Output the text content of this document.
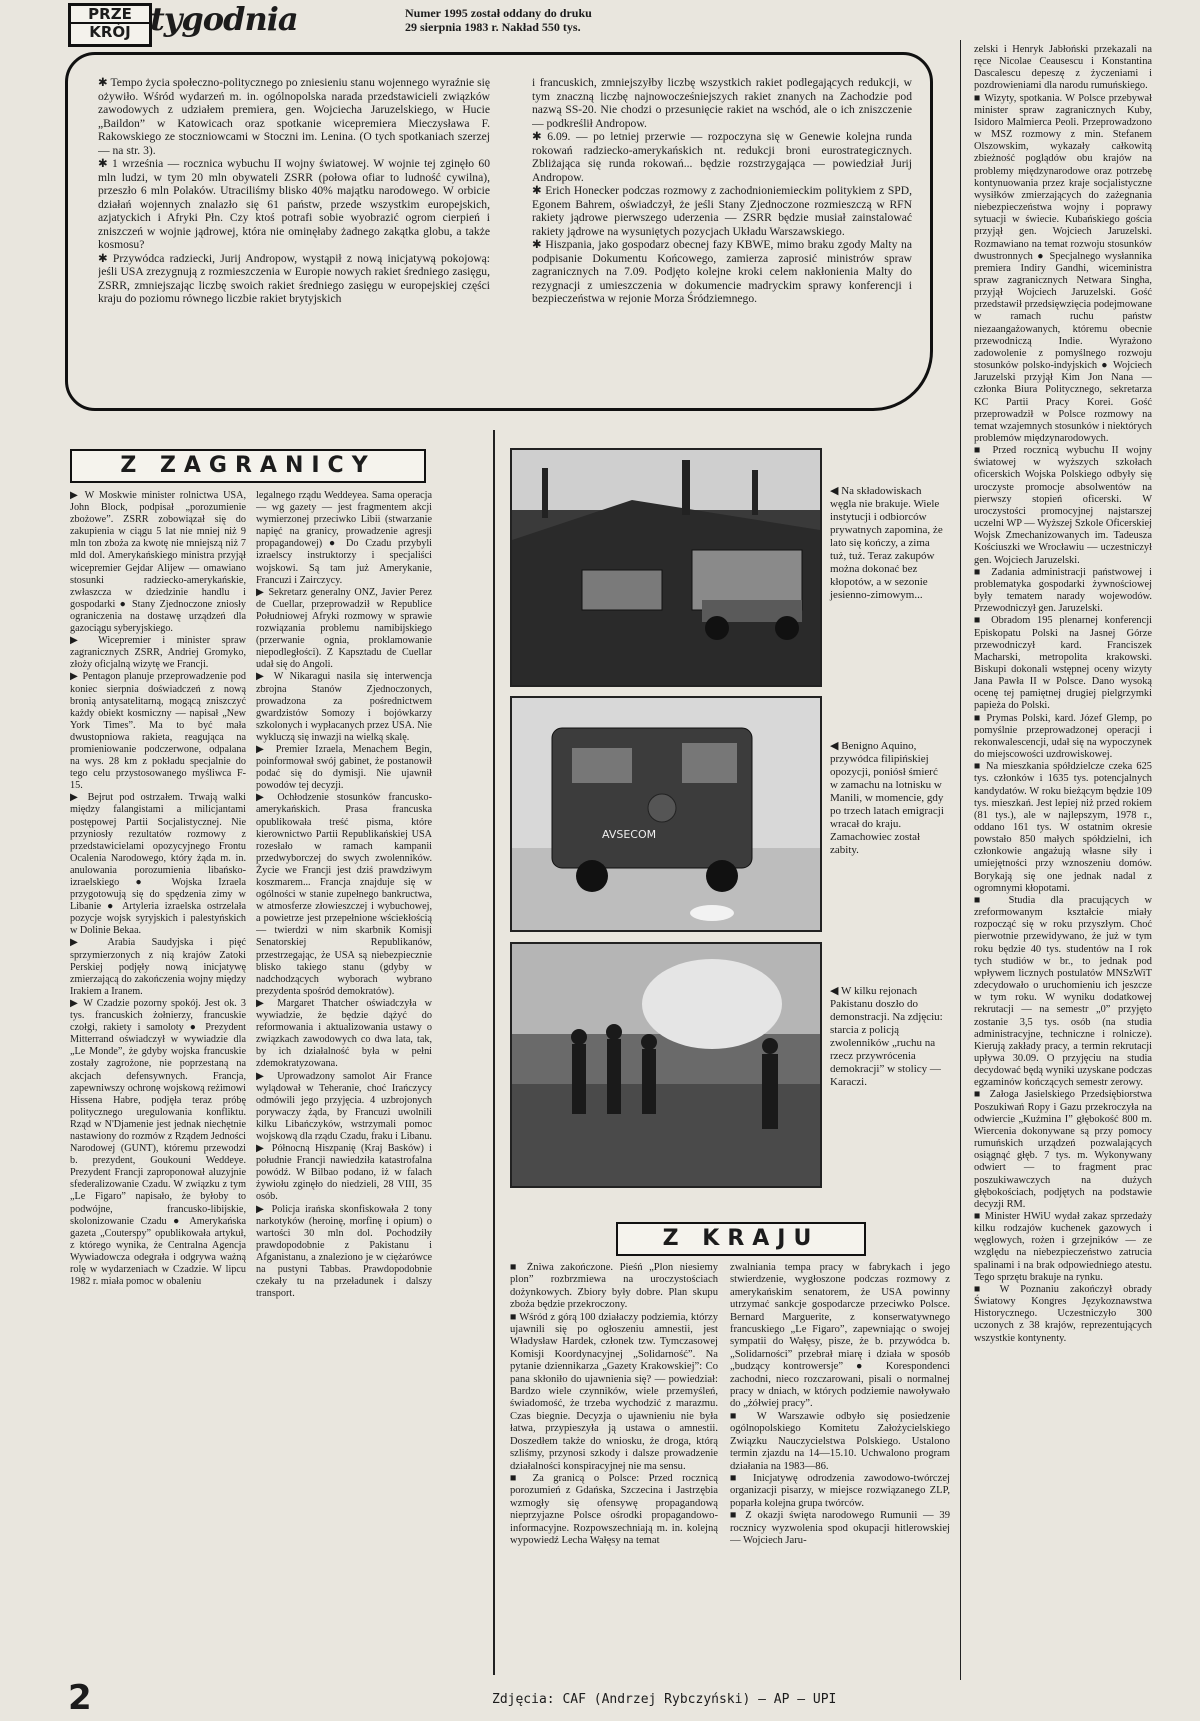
PRZE
KRÓJ tygodnia	Numer 1995 został oddany do druku
29 sierpnia 1983 r. Nakład 550 tys.
✱ Tempo życia społeczno-politycznego po zniesieniu stanu wojennego wyraźnie się ożywiło. Wśród wydarzeń m. in. ogólnopolska narada przedstawicieli związków zawodowych z udziałem premiera, gen. Wojciecha Jaruzelskiego, w Hucie „Baildon” w Katowicach oraz spotkanie wicepremiera Mieczysława F. Rakowskiego ze stoczniowcami w Stoczni im. Lenina. (O tych spotkaniach szerzej — na str. 3).
✱ 1 września — rocznica wybuchu II wojny światowej. W wojnie tej zginęło 60 mln ludzi, w tym 20 mln obywateli ZSRR (połowa ofiar to ludność cywilna), przeszło 6 mln Polaków. Utraciliśmy blisko 40% majątku narodowego. W orbicie działań wojennych znalazło się 61 państw, przede wszystkim europejskich, azjatyckich i Afryki Płn. Czy ktoś potrafi sobie wyobrazić ogrom cierpień i zniszczeń w wojnie jądrowej, która nie ominęłaby żadnego zakątka globu, a także kosmosu?
✱ Przywódca radziecki, Jurij Andropow, wystąpił z nową inicjatywą pokojową: jeśli USA zrezygnują z rozmieszczenia w Europie nowych rakiet średniego zasięgu, ZSRR, zmniejszając liczbę swoich rakiet średniego zasięgu w europejskiej części kraju do poziomu równego liczbie rakiet brytyjskich
i francuskich, zmniejszyłby liczbę wszystkich rakiet podlegających redukcji, w tym znaczną liczbę najnowocześniejszych rakiet znanych na Zachodzie pod nazwą SS-20. Nie chodzi o przesunięcie rakiet na wschód, ale o ich zniszczenie — podkreślił Andropow.
✱ 6.09. — po letniej przerwie — rozpoczyna się w Genewie kolejna runda rokowań radziecko-amerykańskich nt. redukcji broni eurostrategicznych. Zbliżająca się runda rokowań... będzie rozstrzygająca — powiedział Jurij Andropow.
✱ Erich Honecker podczas rozmowy z zachodnioniemieckim politykiem z SPD, Egonem Bahrem, oświadczył, że jeśli Stany Zjednoczone rozmieszczą w RFN rakiety jądrowe pierwszego uderzenia — ZSRR będzie musiał zainstalować rakiety jądrowe na wysuniętych pozycjach Układu Warszawskiego.
✱ Hiszpania, jako gospodarz obecnej fazy KBWE, mimo braku zgody Malty na podpisanie Dokumentu Końcowego, zamierza zaprosić ministrów spraw zagranicznych na 7.09. Podjęto kolejne kroki celem nakłonienia Malty do rezygnacji z umieszczenia w dokumencie madryckim sprawy konferencji i bezpieczeństwa w rejonie Morza Śródziemnego.
Z ZAGRANICY
▶ W Moskwie minister rolnictwa USA, John Block, podpisał „porozumienie zbożowe”. ZSRR zobowiązał się do zakupienia w ciągu 5 lat nie mniej niż 9 mln ton zboża za kwotę nie mniejszą niż 7 mld dol. Amerykańskiego ministra przyjął wicepremier Gejdar Alijew — omawiano stosunki radziecko-amerykańskie, zwłaszcza w dziedzinie handlu i gospodarki ● Stany Zjednoczone zniosły ograniczenia na dostawę urządzeń dla gazociągu syberyjskiego.
▶ Wicepremier i minister spraw zagranicznych ZSRR, Andriej Gromyko, złoży oficjalną wizytę we Francji.
▶ Pentagon planuje przeprowadzenie pod koniec sierpnia doświadczeń z nową bronią antysatelitarną, mogącą zniszczyć każdy obiekt kosmiczny — napisał „New York Times”. Ma to być mała dwustopniowa rakieta, reagująca na promieniowanie podczerwone, odpalana na wys. 28 km z pokładu specjalnie do tego celu przystosowanego myśliwca F-15.
▶ Bejrut pod ostrzałem. Trwają walki między falangistami a milicjantami postępowej Partii Socjalistycznej. Nie przyniosły rezultatów rozmowy z przedstawicielami opozycyjnego Frontu Ocalenia Narodowego, który żąda m. in. anulowania porozumienia libańsko-izraelskiego ● Wojska Izraela przygotowują się do spędzenia zimy w Libanie ● Artyleria izraelska ostrzelała pozycje wojsk syryjskich i palestyńskich w Dolinie Bekaa.
▶ Arabia Saudyjska i pięć sprzymierzonych z nią krajów Zatoki Perskiej podjęły nową inicjatywę zmierzającą do zakończenia wojny między Irakiem a Iranem.
▶ W Czadzie pozorny spokój. Jest ok. 3 tys. francuskich żołnierzy, francuskie czołgi, rakiety i samoloty ● Prezydent Mitterrand oświadczył w wywiadzie dla „Le Monde”, że gdyby wojska francuskie zostały zagrożone, nie poprzestaną na akcjach defensywnych. Francja, zapewniwszy ochronę wojskową reżimowi Hissena Habre, podjęła teraz próbę politycznego uregulowania konfliktu. Rząd w N'Djamenie jest jednak niechętnie nastawiony do rozmów z Rządem Jedności Narodowej (GUNT), któremu przewodzi b. prezydent, Goukouni Weddeye. Prezydent Francji zaproponował aluzyjnie sfederalizowanie Czadu. W związku z tym „Le Figaro” napisało, że byłoby to podwójne, francusko-libijskie, skolonizowanie Czadu ● Amerykańska gazeta „Couterspy” opublikowała artykuł, z którego wynika, że Centralna Agencja Wywiadowcza odegrała i odgrywa ważną rolę w wydarzeniach w Czadzie. W lipcu 1982 r. miała pomoc w obaleniu
legalnego rządu Weddeyea. Sama operacja — wg gazety — jest fragmentem akcji wymierzonej przeciwko Libii (stwarzanie napięć na granicy, prowadzenie agresji propagandowej) ● Do Czadu przybyli izraelscy instruktorzy i specjaliści wojskowi. Są tam już Amerykanie, Francuzi i Zairczycy.
▶ Sekretarz generalny ONZ, Javier Perez de Cuellar, przeprowadził w Republice Południowej Afryki rozmowy w sprawie rozwiązania problemu namibijskiego (przerwanie ognia, proklamowanie niepodległości). Z Kapsztadu de Cuellar udał się do Angoli.
▶ W Nikaragui nasila się interwencja zbrojna Stanów Zjednoczonych, prowadzona za pośrednictwem gwardzistów Somozy i bojówkarzy szkolonych i wypłacanych przez USA. Nie wykluczą się inwazji na wielką skalę.
▶ Premier Izraela, Menachem Begin, poinformował swój gabinet, że postanowił podać się do dymisji. Nie ujawnił powodów tej decyzji.
▶ Ochłodzenie stosunków francusko-amerykańskich. Prasa francuska opublikowała treść pisma, które kierownictwo Partii Republikańskiej USA rozesłało w ramach kampanii przedwyborczej do swych zwolenników. Życie we Francji jest dziś prawdziwym koszmarem... Francja znajduje się w ogólności w stanie zupełnego bankructwa, w atmosferze złowieszczej i wybuchowej, a powietrze jest przepełnione wściekłością — twierdzi w nim skarbnik Komisji Senatorskiej Republikanów, przestrzegając, że USA są niebezpiecznie blisko takiego stanu (gdyby w nadchodzących wyborach wybrano prezydenta spośród demokratów).
▶ Margaret Thatcher oświadczyła w wywiadzie, że będzie dążyć do reformowania i aktualizowania ustawy o związkach zawodowych co dwa lata, tak, by ich działalność była w pełni zdemokratyzowana.
▶ Uprowadzony samolot Air France wylądował w Teheranie, choć Irańczycy odmówili jego przyjęcia. 4 uzbrojonych porywaczy żąda, by Francuzi uwolnili kilku Libańczyków, wstrzymali pomoc wojskową dla rządu Czadu, fraku i Libanu.
▶ Północną Hiszpanię (Kraj Basków) i południe Francji nawiedziła katastrofalna powódź. W Bilbao podano, iż w falach żywiołu zginęło do niedzieli, 28 VIII, 35 osób.
▶ Policja irańska skonfiskowała 2 tony narkotyków (heroinę, morfinę i opium) o wartości 30 mln dol. Pochodziły prawdopodobnie z Pakistanu i Afganistanu, a znaleziono je w ciężarówce na pustyni Tabbas. Prawdopodobnie czekały tu na przeładunek i dalszy transport.
◀ Na składowiskach węgla nie brakuje. Wiele instytucji i odbiorców prywatnych zapomina, że lato się kończy, a zima tuż, tuż. Teraz zakupów można dokonać bez kłopotów, a w sezonie jesienno-zimowym...
AVSECOM
◀ Benigno Aquino, przywódca filipińskiej opozycji, poniósł śmierć w zamachu na lotnisku w Manili, w momencie, gdy po trzech latach emigracji wracał do kraju. Zamachowiec został zabity.
◀ W kilku rejonach Pakistanu doszło do demonstracji. Na zdjęciu: starcia z policją zwolenników „ruchu na rzecz przywrócenia demokracji” w stolicy — Karaczi.
zelski i Henryk Jabłoński przekazali na ręce Nicolae Ceausescu i Konstantina Dascalescu depeszę z życzeniami i pozdrowieniami dla narodu rumuńskiego.
■ Wizyty, spotkania. W Polsce przebywał minister spraw zagranicznych Kuby, Isidoro Malmierca Peoli. Przeprowadzono w MSZ rozmowy z min. Stefanem Olszowskim, wykazały całkowitą zbieżność poglądów obu krajów na problemy międzynarodowe oraz potrzebę kontynuowania przez kraje socjalistyczne wysiłków zmierzających do zażegnania niebezpieczeństwa wojny i poprawy sytuacji w świecie. Kubańskiego gościa przyjął gen. Wojciech Jaruzelski. Rozmawiano na temat rozwoju stosunków dwustronnych ● Specjalnego wysłannika premiera Indiry Gandhi, wiceministra spraw zagranicznych Netwara Singha, przyjął Wojciech Jaruzelski. Gość przedstawił przedsięwzięcia podejmowane w ramach ruchu państw niezaangażowanych, któremu obecnie przewodniczą Indie. Wyrażono zadowolenie z pomyślnego rozwoju stosunków polsko-indyjskich ● Wojciech Jaruzelski przyjął Kim Jon Nana — członka Biura Politycznego, sekretarza KC Partii Pracy Korei. Gość przeprowadził w Polsce rozmowy na temat wzajemnych stosunków i niektórych problemów międzynarodowych.
■ Przed rocznicą wybuchu II wojny światowej w wyższych szkołach oficerskich Wojska Polskiego odbyły się uroczyste promocje absolwentów na pierwszy stopień oficerski. W uroczystości promocyjnej najstarszej uczelni WP — Wyższej Szkole Oficerskiej Wojsk Zmechanizowanych im. Tadeusza Kościuszki we Wrocławiu — uczestniczył gen. Wojciech Jaruzelski.
■ Zadania administracji państwowej i problematyka gospodarki żywnościowej były tematem narady wojewodów. Przewodniczył gen. Jaruzelski.
■ Obradom 195 plenarnej konferencji Episkopatu Polski na Jasnej Górze przewodniczył kard. Franciszek Macharski, metropolita krakowski. Biskupi dokonali wstępnej oceny wizyty Jana Pawła II w Polsce. Dano wysoką ocenę tej pamiętnej drugiej pielgrzymki papieża do Polski.
■ Prymas Polski, kard. Józef Glemp, po pomyślnie przeprowadzonej operacji i rekonwalescencji, udał się na wypoczynek do miejscowości uzdrowiskowej.
■ Na mieszkania spółdzielcze czeka 625 tys. członków i 1635 tys. potencjalnych kandydatów. W roku bieżącym będzie 109 tys. mieszkań. Jest lepiej niż przed rokiem (81 tys.), ale w najlepszym, 1978 r., oddano 161 tys. W ostatnim okresie powstało 850 małych spółdzielni, ich członkowie angażują własne siły i umiejętności przy wznoszeniu domów. Borykają się one jednak nadal z ogromnymi kłopotami.
■ Studia dla pracujących w zreformowanym kształcie miały rozpocząć się w roku przyszłym. Choć pierwotnie przewidywano, że już w tym roku będzie 40 tys. studentów na I rok tych studiów w br., to jednak pod wpływem licznych postulatów MNSzWiT zdecydowało o uruchomieniu ich jeszcze w tym roku. W wyniku dodatkowej rekrutacji — na semestr „0” przyjęto zostanie 3,5 tys. osób (na studia administracyjne, techniczne i rolnicze). Kierują zakłady pracy, a termin rekrutacji upływa 30.09. O przyjęciu na studia decydować będą wyniki uzyskane podczas egzaminów kończących semestr zerowy.
■ Załoga Jasielskiego Przedsiębiorstwa Poszukiwań Ropy i Gazu przekroczyła na odwiercie „Kuźmina I” głębokość 800 m. Wiercenia dokonywane są przy pomocy rumuńskich urządzeń pozwalających osiągnąć głęb. 7 tys. m. Wykonywany odwiert — to fragment prac poszukiwawczych na dużych głębokościach, podjętych na podstawie decyzji RM.
■ Minister HWiU wydał zakaz sprzedaży kilku rodzajów kuchenek gazowych i węglowych, rożen i grzejników — ze względu na niebezpieczeństwo zatrucia spalinami i na brak odpowiedniego atestu. Tego sprzętu brakuje na rynku.
■ W Poznaniu zakończył obrady Światowy Kongres Językoznawstwa Historycznego. Uczestniczyło 300 uczonych z 38 krajów, reprezentujących wszystkie kontynenty.
Z KRAJU
■ Żniwa zakończone. Pieśń „Plon niesiemy plon” rozbrzmiewa na uroczystościach dożynkowych. Zbiory były dobre. Plan skupu zboża będzie przekroczony.
■ Wśród z górą 100 działaczy podziemia, którzy ujawnili się po ogłoszeniu amnestii, jest Władysław Hardek, członek tzw. Tymczasowej Komisji Koordynacyjnej „Solidarność”. Na pytanie dziennikarza „Gazety Krakowskiej”: Co pana skłoniło do ujawnienia się? — powiedział: Bardzo wiele czynników, wiele przemyśleń, świadomość, że trzeba wychodzić z marazmu. Czas biegnie. Decyzja o ujawnieniu nie była łatwa, przypieszyła ją ustawa o amnestii. Doszedłem także do wniosku, że droga, którą szliśmy, przynosi szkody i dalsze prowadzenie działalności konspiracyjnej nie ma sensu.
■ Za granicą o Polsce: Przed rocznicą porozumień z Gdańska, Szczecina i Jastrzębia wzmogły się ofensywę propagandową nieprzyjazne Polsce ośrodki propagandowo-informacyjne. Rozpowszechniają m. in. kolejną wypowiedź Lecha Wałęsy na temat
zwalniania tempa pracy w fabrykach i jego stwierdzenie, wygłoszone podczas rozmowy z amerykańskim senatorem, że USA powinny utrzymać sankcje gospodarcze przeciwko Polsce. Bernard Marguerite, z konserwatywnego francuskiego „Le Figaro”, zapewniając o swojej sympatii do Wałęsy, pisze, że b. przywódca b. „Solidarności” przebrał miarę i działa w sposób „budzący kontrowersje” ● Korespondenci zachodni, nieco rozczarowani, pisali o normalnej pracy w dniach, w których podziemie nawoływało do „żółwiej pracy”.
■ W Warszawie odbyło się posiedzenie ogólnopolskiego Komitetu Założycielskiego Związku Nauczycielstwa Polskiego. Ustalono termin zjazdu na 14—15.10. Uchwalono program działania na 1983—86.
■ Inicjatywę odrodzenia zawodowo-twórczej organizacji pisarzy, w miejsce rozwiązanego ZLP, poparła kolejna grupa twórców.
■ Z okazji święta narodowego Rumunii — 39 rocznicy wyzwolenia spod okupacji hitlerowskiej — Wojciech Jaru-
2	Zdjęcia: CAF (Andrzej Rybczyński) — AP — UPI
